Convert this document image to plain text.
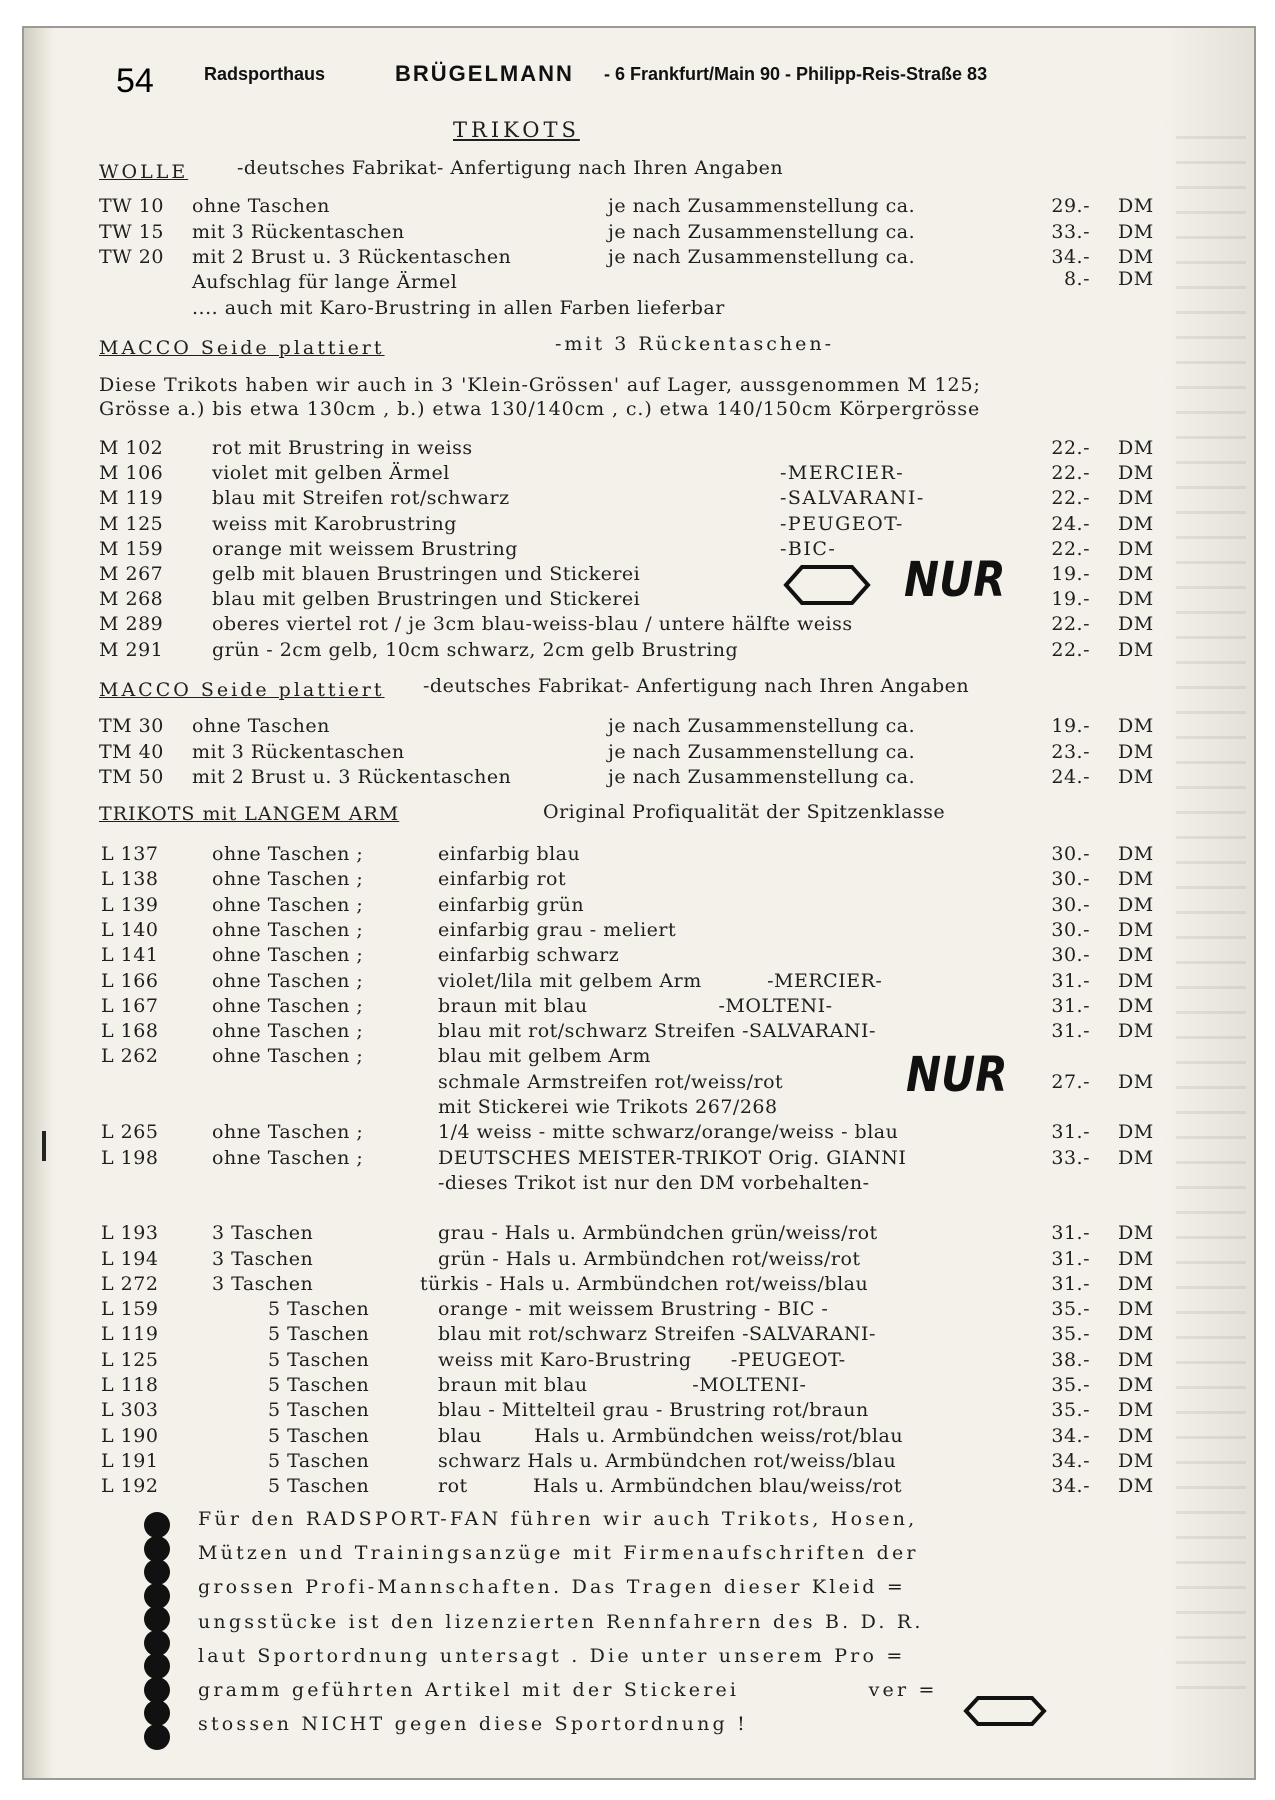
54	Radsporthaus	BRÜGELMANN - 6 Frankfurt/Main 90 - Philipp-Reis-Straße 83
TRIKOTS
WOLLE	-deutsches Fabrikat- Anfertigung nach Ihren Angaben
TW 10 ohne Taschen	je nach Zusammenstellung ca.	29.- DM
TW 15 mit 3 Rückentaschen	je nach Zusammenstellung ca.	33.- DM
TW 20 mit 2 Brust u. 3 Rückentaschen	je nach Zusammenstellung ca.	34.- DM
Aufschlag für lange Ärmel	8.- DM
.... auch mit Karo-Brustring in allen Farben lieferbar
MACCO Seide plattiert	-mit 3 Rückentaschen-
Diese Trikots haben wir auch in 3 'Klein-Grössen' auf Lager, aussgenommen M 125;
Grösse a.) bis etwa 130cm , b.) etwa 130/140cm , c.) etwa 140/150cm Körpergrösse
M 102	rot mit Brustring in weiss	22.- DM
M 106	violet mit gelben Ärmel	-MERCIER-	22.- DM
M 119	blau mit Streifen rot/schwarz	-SALVARANI-	22.- DM
M 125	weiss mit Karobrustring	-PEUGEOT-	24.- DM
M 159	orange mit weissem Brustring	-BIC-	22.- DM
M 267	gelb mit blauen Brustringen und Stickerei	19.- DM
M 268	blau mit gelben Brustringen und Stickerei	19.- DM
M 289	oberes viertel rot / je 3cm blau-weiss-blau / untere hälfte weiss	22.- DM
M 291	grün - 2cm gelb, 10cm schwarz, 2cm gelb Brustring	22.- DM
NUR
MACCO Seide plattiert -deutsches Fabrikat- Anfertigung nach Ihren Angaben
TM 30 ohne Taschen	je nach Zusammenstellung ca.	19.- DM
TM 40 mit 3 Rückentaschen	je nach Zusammenstellung ca.	23.- DM
TM 50 mit 2 Brust u. 3 Rückentaschen	je nach Zusammenstellung ca.	24.- DM
TRIKOTS mit LANGEM ARM	Original Profiqualität der Spitzenklasse
L 137	ohne Taschen ;	einfarbig blau	30.- DM
L 138	ohne Taschen ;	einfarbig rot	30.- DM
L 139	ohne Taschen ;	einfarbig grün	30.- DM
L 140	ohne Taschen ;	einfarbig grau - meliert	30.- DM
L 141	ohne Taschen ;	einfarbig schwarz	30.- DM
L 166	ohne Taschen ;	violet/lila mit gelbem Arm          -MERCIER-	31.- DM
L 167	ohne Taschen ;	braun mit blau                    -MOLTENI-	31.- DM
L 168	ohne Taschen ;	blau mit rot/schwarz Streifen -SALVARANI-	31.- DM
L 262	ohne Taschen ;	blau mit gelbem Arm
schmale Armstreifen rot/weiss/rot	27.- DM
mit Stickerei wie Trikots 267/268
L 265	ohne Taschen ;	1/4 weiss - mitte schwarz/orange/weiss - blau	31.- DM
L 198	ohne Taschen ;	DEUTSCHES MEISTER-TRIKOT Orig. GIANNI	33.- DM
-dieses Trikot ist nur den DM vorbehalten-
L 193	3 Taschen	grau - Hals u. Armbündchen grün/weiss/rot	31.- DM
L 194	3 Taschen	grün - Hals u. Armbündchen rot/weiss/rot	31.- DM
L 272	3 Taschen	türkis - Hals u. Armbündchen rot/weiss/blau	31.- DM
L 159	5 Taschen	orange - mit weissem Brustring - BIC -	35.- DM
L 119	5 Taschen	blau mit rot/schwarz Streifen -SALVARANI-	35.- DM
L 125	5 Taschen	weiss mit Karo-Brustring      -PEUGEOT-	38.- DM
L 118	5 Taschen	braun mit blau                -MOLTENI-	35.- DM
L 303	5 Taschen	blau - Mittelteil grau - Brustring rot/braun	35.- DM
L 190	5 Taschen	blau        Hals u. Armbündchen weiss/rot/blau	34.- DM
L 191	5 Taschen	schwarz Hals u. Armbündchen rot/weiss/blau	34.- DM
L 192	5 Taschen	rot          Hals u. Armbündchen blau/weiss/rot	34.- DM
NUR
Für den RADSPORT-FAN führen wir auch Trikots, Hosen,
Mützen und Trainingsanzüge mit Firmenaufschriften der
grossen Profi-Mannschaften. Das Tragen dieser Kleid =
ungsstücke ist den lizenzierten Rennfahrern des B. D. R.
laut Sportordnung untersagt . Die unter unserem Pro =
gramm geführten Artikel mit der Stickerei              ver =
stossen NICHT gegen diese Sportordnung !
